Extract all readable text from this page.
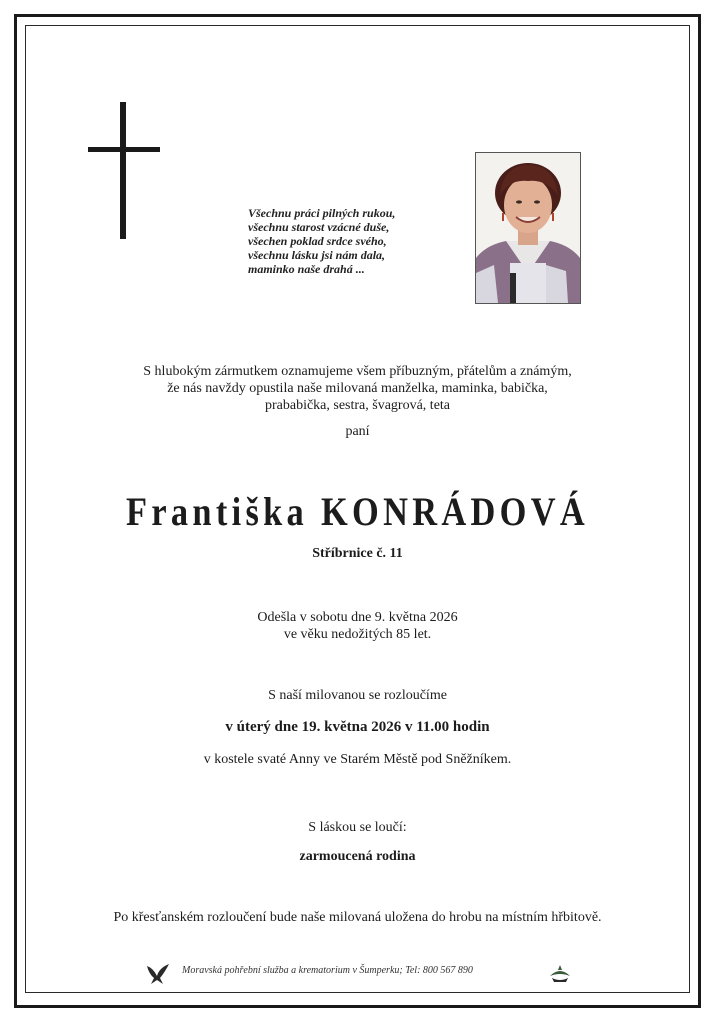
Všechnu práci pilných rukou,
všechnu starost vzácné duše,
všechen poklad srdce svého,
všechnu lásku jsi nám dala,
maminko naše drahá ...
S hlubokým zármutkem oznamujeme všem příbuzným, přátelům a známým,
že nás navždy opustila naše milovaná manželka, maminka, babička,
prababička, sestra, švagrová, teta
paní
Františka KONRÁDOVÁ
Stříbrnice č. 11
Odešla v sobotu dne 9. května 2026
ve věku nedožitých 85 let.
S naší milovanou se rozloučíme
v úterý dne 19. května 2026 v 11.00 hodin
v kostele svaté Anny ve Starém Městě pod Sněžníkem.
S láskou se loučí:
zarmoucená rodina
Po křesťanském rozloučení bude naše milovaná uložena do hrobu na místním hřbitově.
Moravská pohřební služba a krematorium v Šumperku; Tel: 800 567 890
